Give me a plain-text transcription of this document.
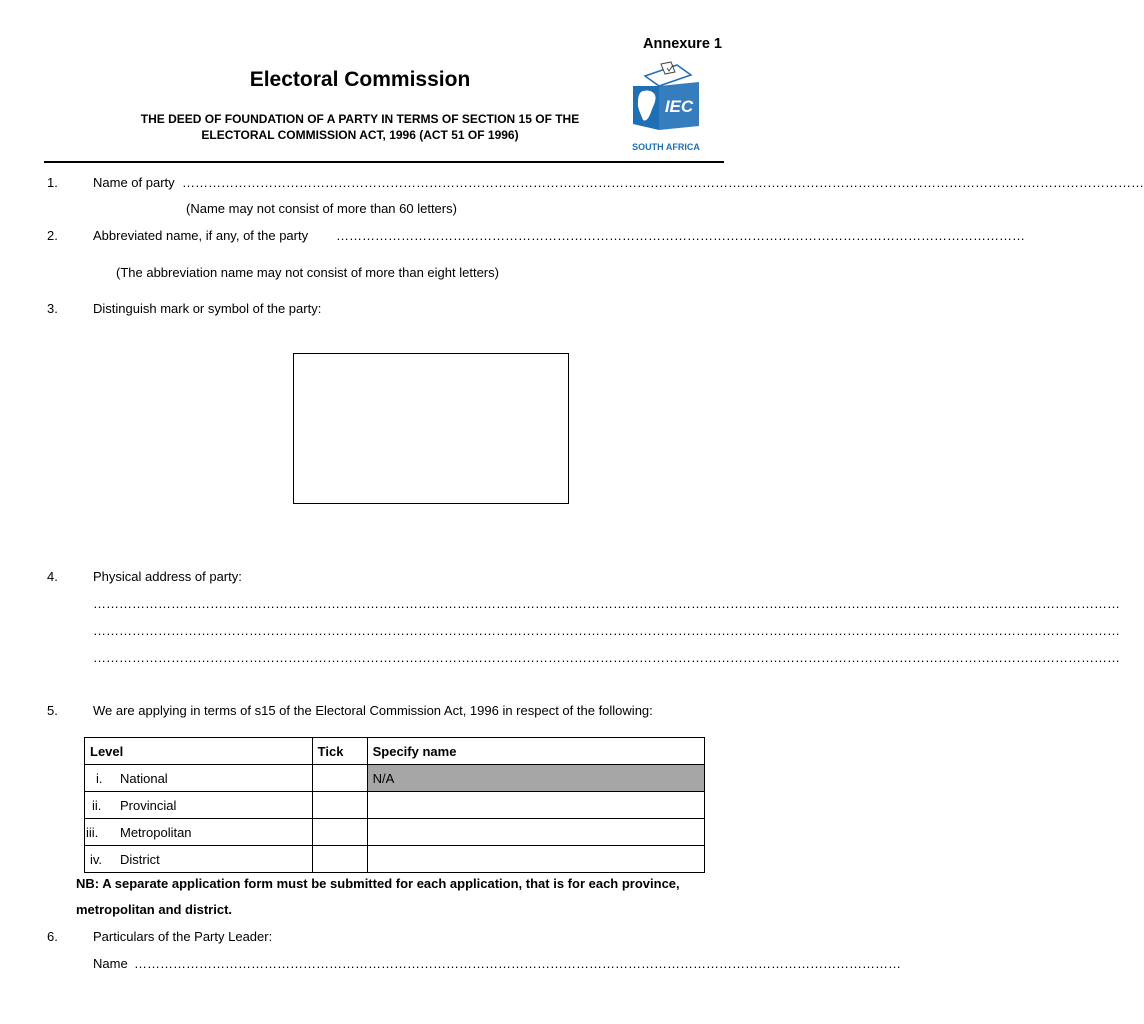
Annexure 1
Electoral Commission
THE DEED OF FOUNDATION OF A PARTY IN TERMS OF SECTION 15 OF THE
ELECTORAL COMMISSION ACT, 1996 (ACT 51 OF 1996)
IEC
SOUTH AFRICA
1.	Name of party ……………………………………………………………………………………………………………………………………………………………………………………………………
(Name may not consist of more than 60 letters)
2.	Abbreviated name, if any, of the party ……………………………………………………………………………………………………………………………………………
(The abbreviation name may not consist of more than eight letters)
3.	Distinguish mark or symbol of the party:
4.	Physical address of party:
…………………………………………………………………………………………………………………………………………………………………………………………………………………
…………………………………………………………………………………………………………………………………………………………………………………………………………………
…………………………………………………………………………………………………………………………………………………………………………………………………………………
5.	We are applying in terms of s15 of the Electoral Commission Act, 1996 in respect of the following:
Level	Tick	Specify name
i. National		N/A
ii. Provincial		
iii. Metropolitan		
iv. District		
NB: A separate application form must be submitted for each application, that is for each province,
metropolitan and district.
6.	Particulars of the Party Leader:
Name ……………………………………………………………………………………………………………………………………………………………
